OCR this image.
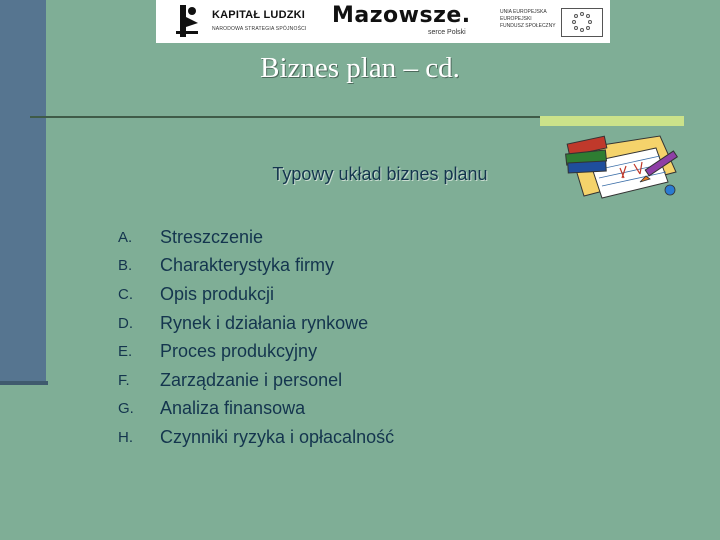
KAPITAŁ LUDZKI
NARODOWA STRATEGIA SPÓJNOŚCI
Mazowsze.
serce Polski
UNIA EUROPEJSKA
EUROPEJSKI
FUNDUSZ SPOŁECZNY
Biznes plan – cd.
Typowy układ biznes planu
A.	Streszczenie
B.	Charakterystyka firmy
C.	Opis produkcji
D.	Rynek i działania rynkowe
E.	Proces produkcyjny
F.	Zarządzanie i personel
G.	Analiza finansowa
H.	Czynniki ryzyka i opłacalność
